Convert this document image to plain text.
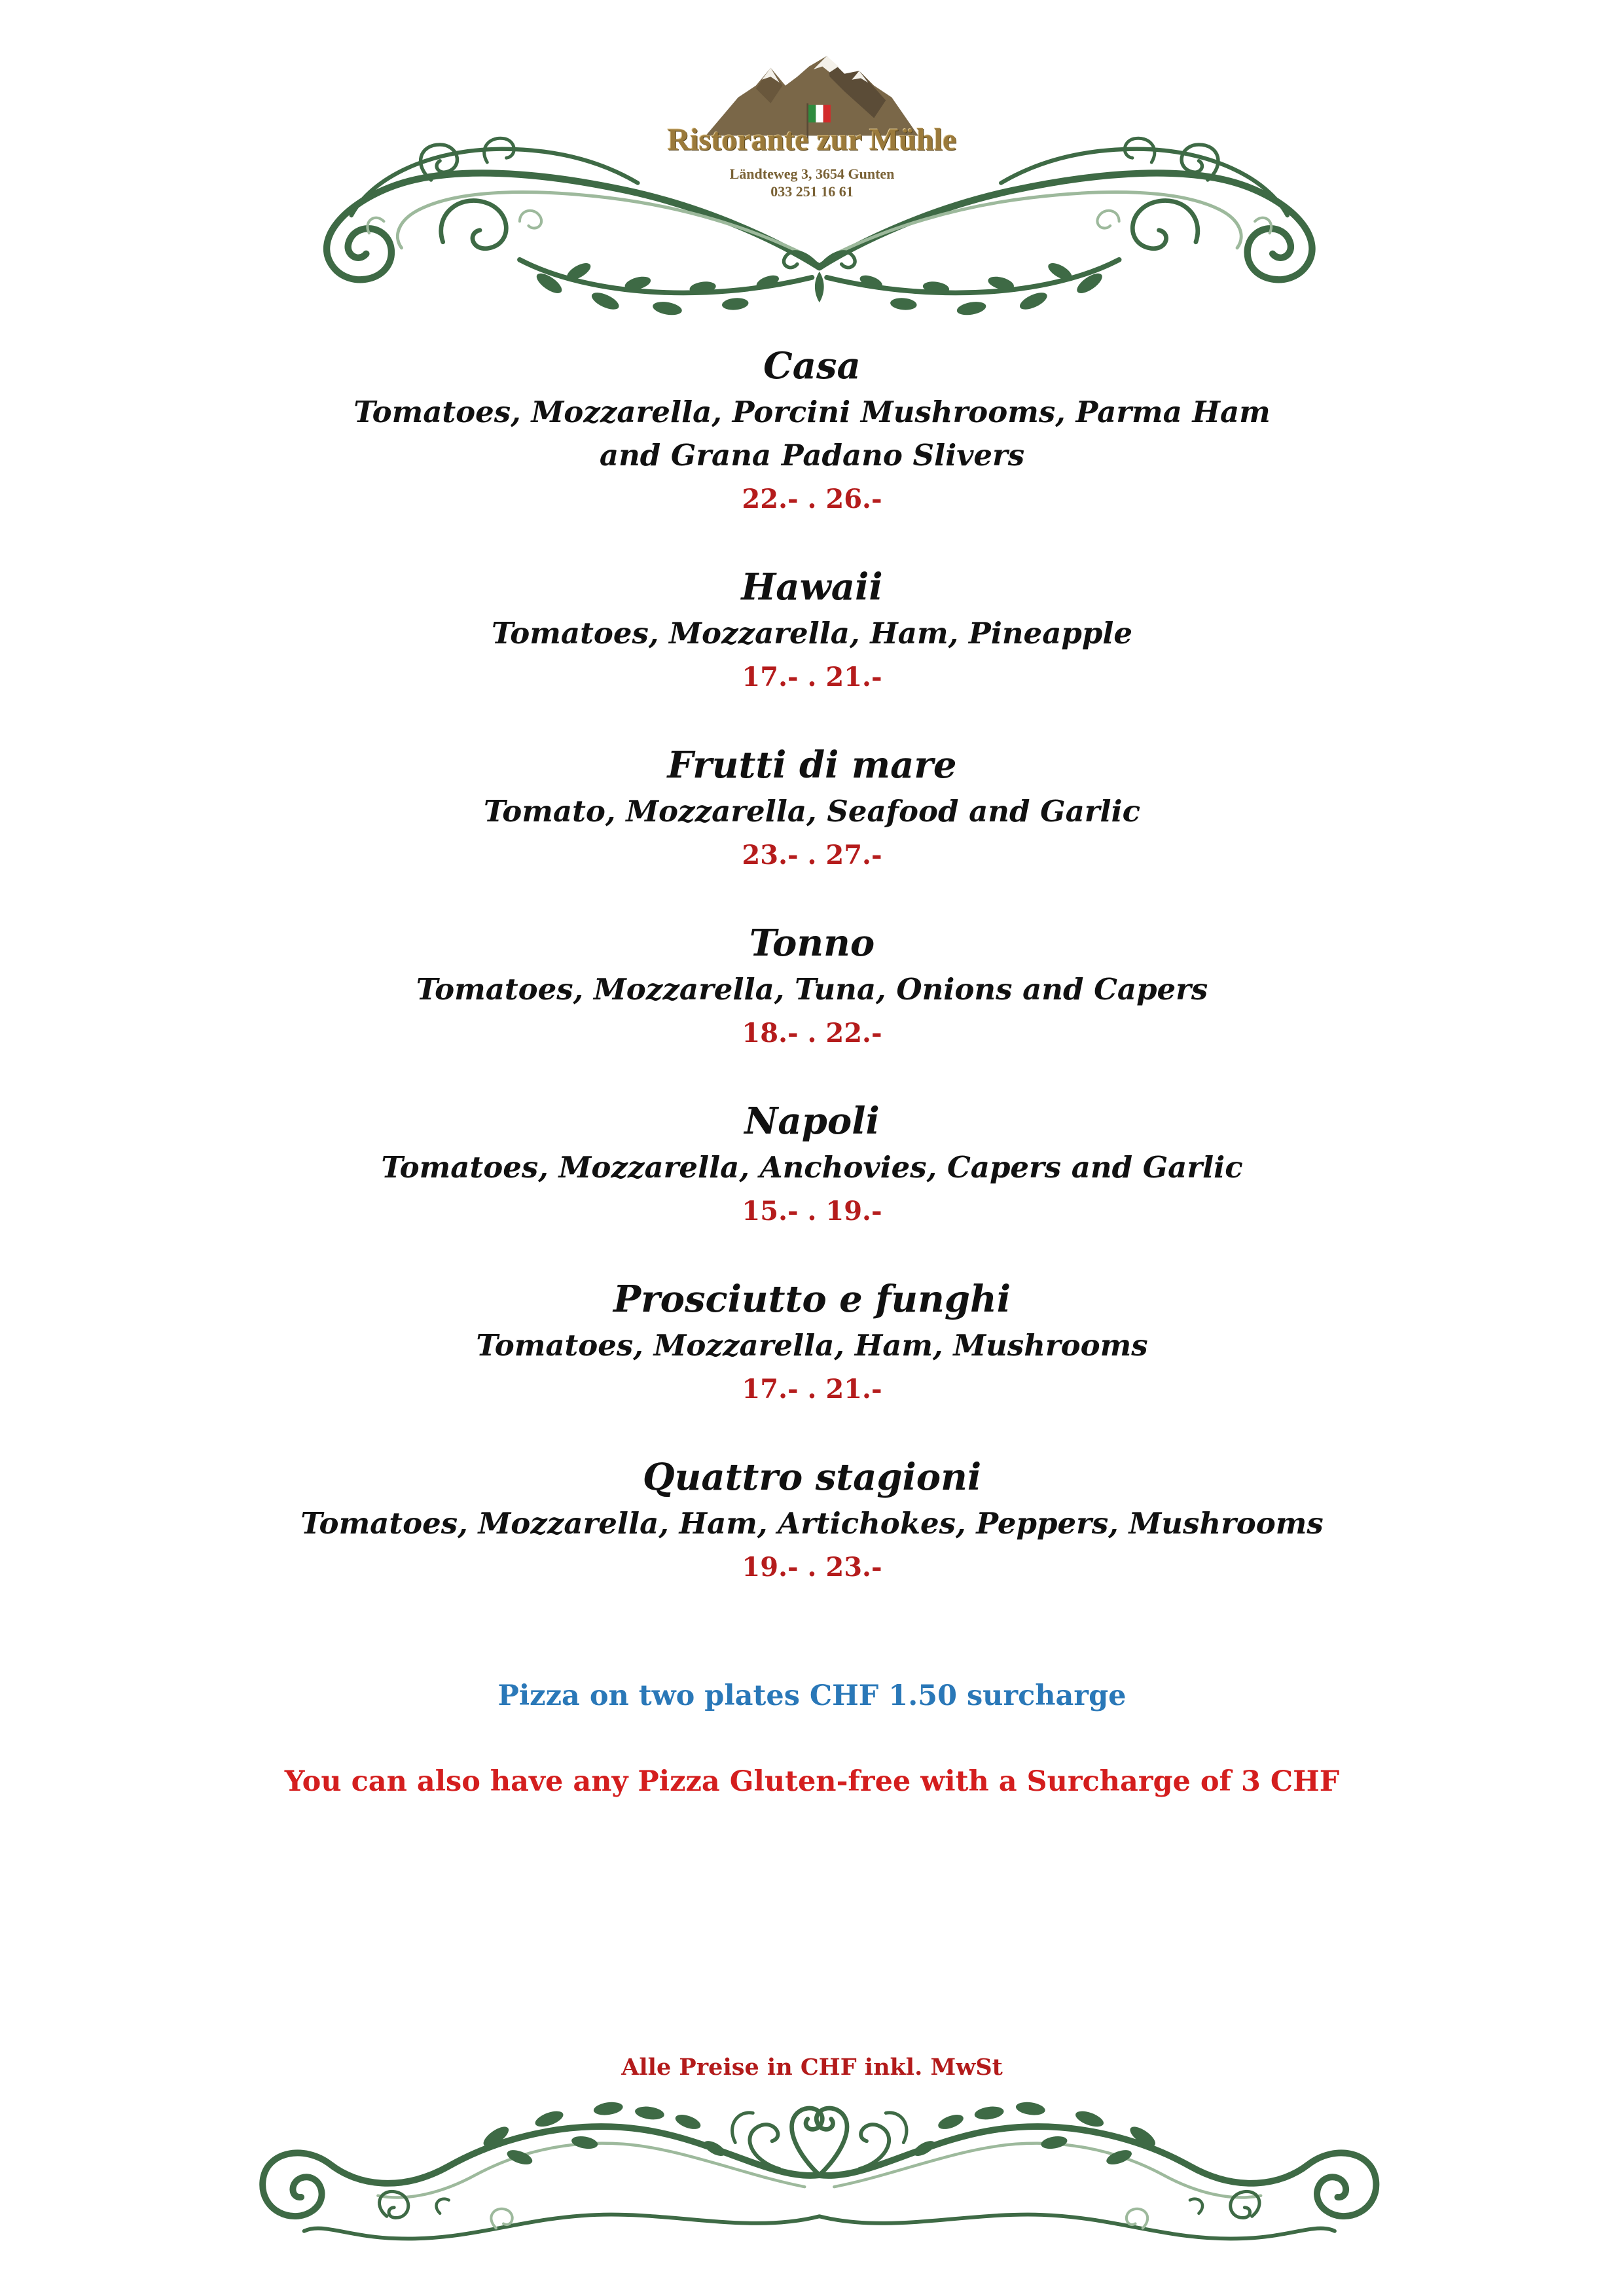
Ristorante zur Mühle
Ländteweg 3, 3654 Gunten
033 251 16 61
Casa
Tomatoes, Mozzarella, Porcini Mushrooms, Parma Ham
and Grana Padano Slivers
22.- . 26.-
Hawaii
Tomatoes, Mozzarella, Ham, Pineapple
17.- . 21.-
Frutti di mare
Tomato, Mozzarella, Seafood and Garlic
23.- . 27.-
Tonno
Tomatoes, Mozzarella, Tuna, Onions and Capers
18.- . 22.-
Napoli
Tomatoes, Mozzarella, Anchovies, Capers and Garlic
15.- . 19.-
Prosciutto e funghi
Tomatoes, Mozzarella, Ham, Mushrooms
17.- . 21.-
Quattro stagioni
Tomatoes, Mozzarella, Ham, Artichokes, Peppers, Mushrooms
19.- . 23.-
Pizza on two plates CHF 1.50 surcharge
You can also have any Pizza Gluten-free with a Surcharge of 3 CHF
Alle Preise in CHF inkl. MwSt
